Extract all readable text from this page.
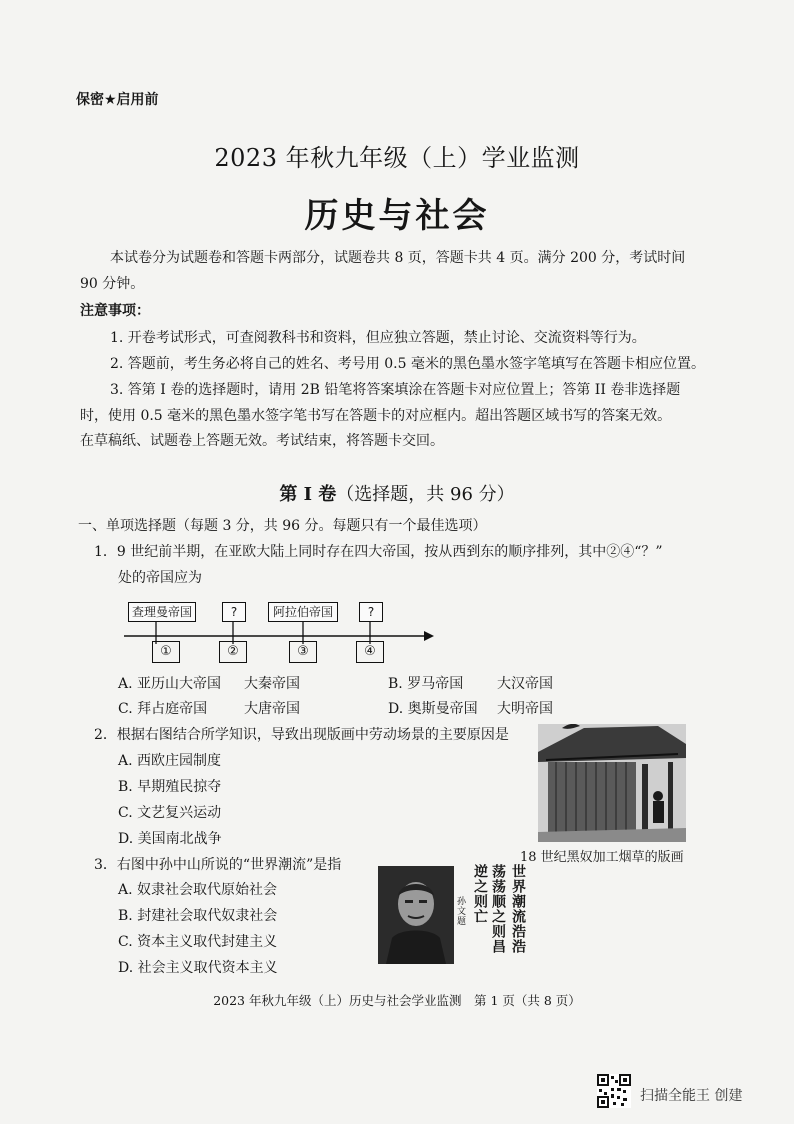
保密★启用前
2023 年秋九年级（上）学业监测
历史与社会
本试卷分为试题卷和答题卡两部分，试题卷共 8 页，答题卡共 4 页。满分 200 分，考试时间
90 分钟。
注意事项：
1. 开卷考试形式，可查阅教科书和资料，但应独立答题，禁止讨论、交流资料等行为。
2. 答题前，考生务必将自己的姓名、考号用 0.5 毫米的黑色墨水签字笔填写在答题卡相应位置。
3. 答第 I 卷的选择题时，请用 2B 铅笔将答案填涂在答题卡对应位置上；答第 II 卷非选择题
时，使用 0.5 毫米的黑色墨水签字笔书写在答题卡的对应框内。超出答题区域书写的答案无效。
在草稿纸、试题卷上答题无效。考试结束，将答题卡交回。
第 I 卷（选择题，共 96 分）
一、单项选择题（每题 3 分，共 96 分。每题只有一个最佳选项）
1．9 世纪前半期，在亚欧大陆上同时存在四大帝国，按从西到东的顺序排列，其中②④“？”
处的帝国应为
查理曼帝国	?	阿拉伯帝国	?
①	②	③	④
A. 亚历山大帝国 大秦帝国	B. 罗马帝国 大汉帝国
C. 拜占庭帝国	大唐帝国	D. 奥斯曼帝国 大明帝国
2．根据右图结合所学知识，导致出现版画中劳动场景的主要原因是
A. 西欧庄园制度
B. 早期殖民掠夺
C. 文艺复兴运动
D. 美国南北战争
18 世纪黑奴加工烟草的版画
3．右图中孙中山所说的“世界潮流”是指
A. 奴隶社会取代原始社会
B. 封建社会取代奴隶社会
C. 资本主义取代封建主义
D. 社会主义取代资本主义
世界潮流浩浩
荡荡顺之则昌
逆之则亡
孙文题
2023 年秋九年级（上）历史与社会学业监测　第 1 页（共 8 页）
扫描全能王 创建
